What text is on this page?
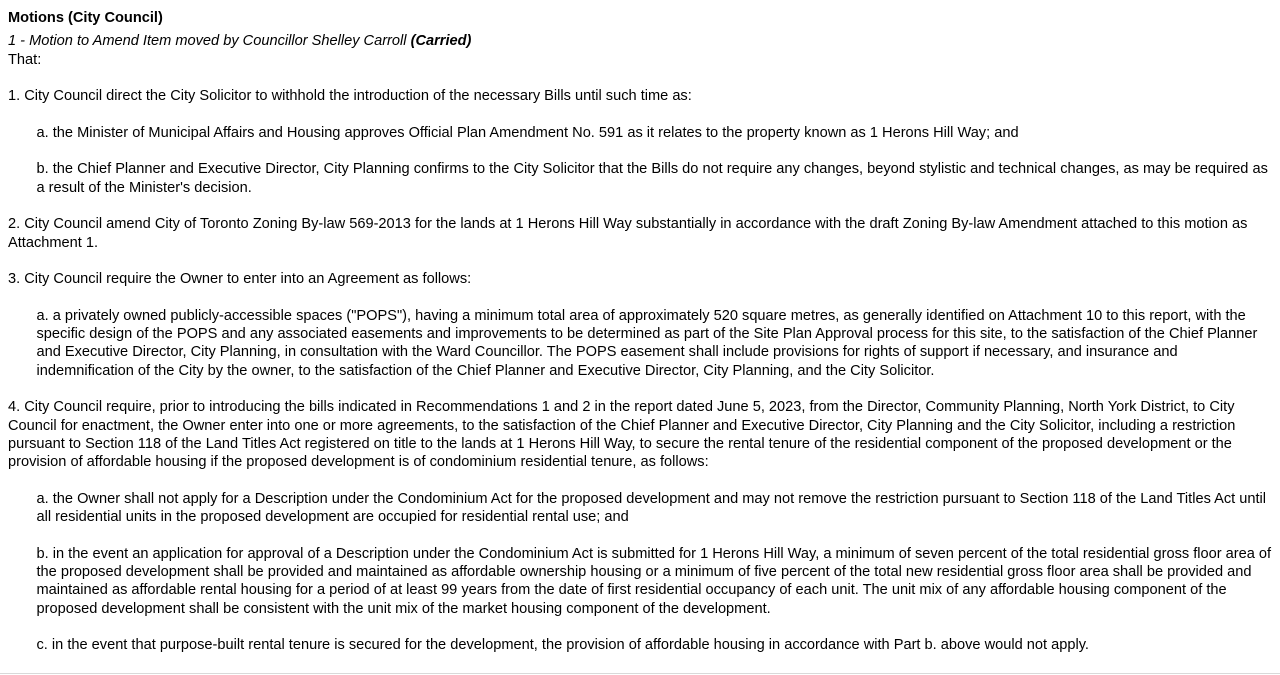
Motions (City Council)
1 - Motion to Amend Item moved by Councillor Shelley Carroll (Carried)
That:

1. City Council direct the City Solicitor to withhold the introduction of the necessary Bills until such time as:

a. the Minister of Municipal Affairs and Housing approves Official Plan Amendment No. 591 as it relates to the property known as 1 Herons Hill Way; and

b. the Chief Planner and Executive Director, City Planning confirms to the City Solicitor that the Bills do not require any changes, beyond stylistic and technical changes, as may be required as a result of the Minister's decision.

2. City Council amend City of Toronto Zoning By-law 569-2013 for the lands at 1 Herons Hill Way substantially in accordance with the draft Zoning By-law Amendment attached to this motion as Attachment 1.

3. City Council require the Owner to enter into an Agreement as follows:

a. a privately owned publicly-accessible spaces ("POPS"), having a minimum total area of approximately 520 square metres, as generally identified on Attachment 10 to this report, with the specific design of the POPS and any associated easements and improvements to be determined as part of the Site Plan Approval process for this site, to the satisfaction of the Chief Planner and Executive Director, City Planning, in consultation with the Ward Councillor. The POPS easement shall include provisions for rights of support if necessary, and insurance and indemnification of the City by the owner, to the satisfaction of the Chief Planner and Executive Director, City Planning, and the City Solicitor.

4. City Council require, prior to introducing the bills indicated in Recommendations 1 and 2 in the report dated June 5, 2023, from the Director, Community Planning, North York District, to City Council for enactment, the Owner enter into one or more agreements, to the satisfaction of the Chief Planner and Executive Director, City Planning and the City Solicitor, including a restriction pursuant to Section 118 of the Land Titles Act registered on title to the lands at 1 Herons Hill Way, to secure the rental tenure of the residential component of the proposed development or the provision of affordable housing if the proposed development is of condominium residential tenure, as follows:

a. the Owner shall not apply for a Description under the Condominium Act for the proposed development and may not remove the restriction pursuant to Section 118 of the Land Titles Act until all residential units in the proposed development are occupied for residential rental use; and

b. in the event an application for approval of a Description under the Condominium Act is submitted for 1 Herons Hill Way, a minimum of seven percent of the total residential gross floor area of the proposed development shall be provided and maintained as affordable ownership housing or a minimum of five percent of the total new residential gross floor area shall be provided and maintained as affordable rental housing for a period of at least 99 years from the date of first residential occupancy of each unit. The unit mix of any affordable housing component of the proposed development shall be consistent with the unit mix of the market housing component of the development.

c. in the event that purpose-built rental tenure is secured for the development, the provision of affordable housing in accordance with Part b. above would not apply.
